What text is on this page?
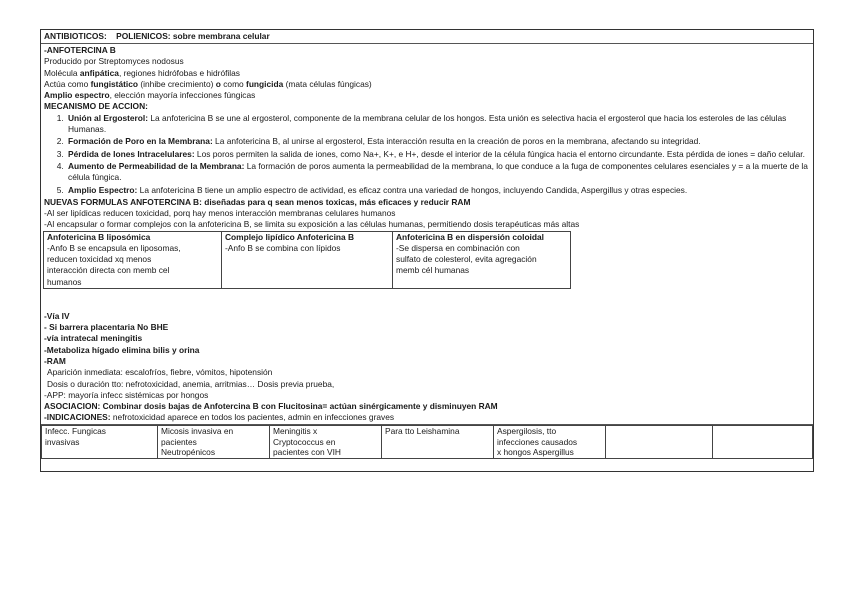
ANTIBIOTICOS: POLIENICOS: sobre membrana celular
-ANFOTERCINA B
Producido por Streptomyces nodosus
Molécula anfipática, regiones hidrófobas e hidrófilas
Actúa como fungistático (inhibe crecimiento) o como fungicida (mata células fúngicas)
Amplio espectro, elección mayoría infecciones fúngicas
MECANISMO DE ACCION:
1. Unión al Ergosterol: La anfotericina B se une al ergosterol, componente de la membrana celular de los hongos. Esta unión es selectiva hacia el ergosterol que hacia los esteroles de las células Humanas.
2. Formación de Poro en la Membrana: La anfotericina B, al unirse al ergosterol, Esta interacción resulta en la creación de poros en la membrana, afectando su integridad.
3. Pérdida de Iones Intracelulares: Los poros permiten la salida de iones, como Na+, K+, e H+, desde el interior de la célula fúngica hacia el entorno circundante. Esta pérdida de iones = daño celular.
4. Aumento de Permeabilidad de la Membrana: La formación de poros aumenta la permeabilidad de la membrana, lo que conduce a la fuga de componentes celulares esenciales y = a la muerte de la célula fúngica.
5. Amplio Espectro: La anfotericina B tiene un amplio espectro de actividad, es eficaz contra una variedad de hongos, incluyendo Candida, Aspergillus y otras especies.
NUEVAS FORMULAS ANFOTERCINA B: diseñadas para q sean menos toxicas, más eficaces y reducir RAM
-Al ser lipídicas reducen toxicidad, porq hay menos interacción membranas celulares humanos
-Al encapsular o formar complejos con la anfotericina B, se limita su exposición a las células humanas, permitiendo dosis terapéuticas más altas
Anfotericina B liposómica
-Anfo B se encapsula en liposomas,
reducen toxicidad xq menos
interacción directa con memb cel
humanos	Complejo lipídico Anfotericina B
-Anfo B se combina con lípidos	Anfotericina B en dispersión coloidal
-Se dispersa en combinación con
sulfato de colesterol, evita agregación
memb cél humanas
-Vía IV
- Si barrera placentaria No BHE
-vía intratecal meningitis
-Metaboliza hígado elimina bilis y orina
-RAM
Aparición inmediata: escalofríos, fiebre, vómitos, hipotensión
Dosis o duración tto: nefrotoxicidad, anemia, arritmias… Dosis previa prueba,
-APP: mayoría infecc sistémicas por hongos
ASOCIACION: Combinar dosis bajas de Anfotercina B con Flucitosina= actúan sinérgicamente y disminuyen RAM
-INDICACIONES: nefrotoxicidad aparece en todos los pacientes, admin en infecciones graves
Infecc. Fungicas
invasivas	Micosis invasiva en
pacientes
Neutropénicos	Meningitis x
Cryptococcus en
pacientes con VIH	Para tto Leishamina	Aspergilosis, tto
infecciones causados
x hongos Aspergillus		
